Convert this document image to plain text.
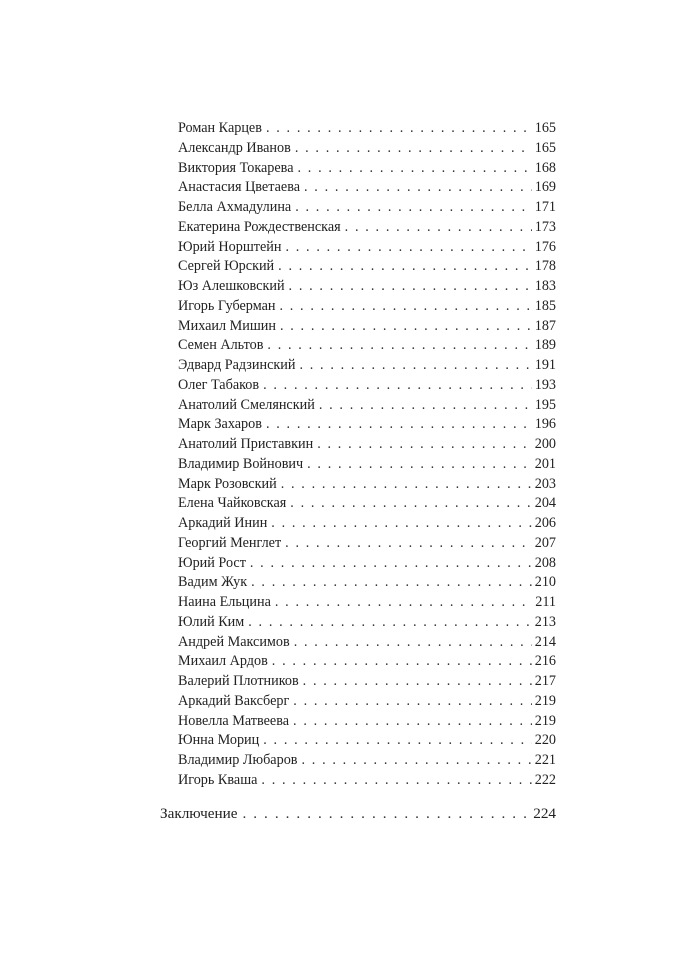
Роман Карцев . . .	165
Александр Иванов . . .	165
Виктория Токарева . . .	168
Анастасия Цветаева . . .	169
Белла Ахмадулина . . .	171
Екатерина Рождественская . . .	173
Юрий Норштейн . . .	176
Сергей Юрский . . .	178
Юз Алешковский . . .	183
Игорь Губерман . . .	185
Михаил Мишин . . .	187
Семен Альтов . . .	189
Эдвард Радзинский . . .	191
Олег Табаков . . .	193
Анатолий Смелянский . . .	195
Марк Захаров . . .	196
Анатолий Приставкин . . .	200
Владимир Войнович . . .	201
Марк Розовский . . .	203
Елена Чайковская . . .	204
Аркадий Инин . . .	206
Георгий Менглет . . .	207
Юрий Рост . . .	208
Вадим Жук . . .	210
Наина Ельцина . . .	211
Юлий Ким . . .	213
Андрей Максимов . . .	214
Михаил Ардов . . .	216
Валерий Плотников . . .	217
Аркадий Ваксберг . . .	219
Новелла Матвеева . . .	219
Юнна Мориц . . .	220
Владимир Любаров . . .	221
Игорь Кваша . . .	222
Заключение . . .	224
